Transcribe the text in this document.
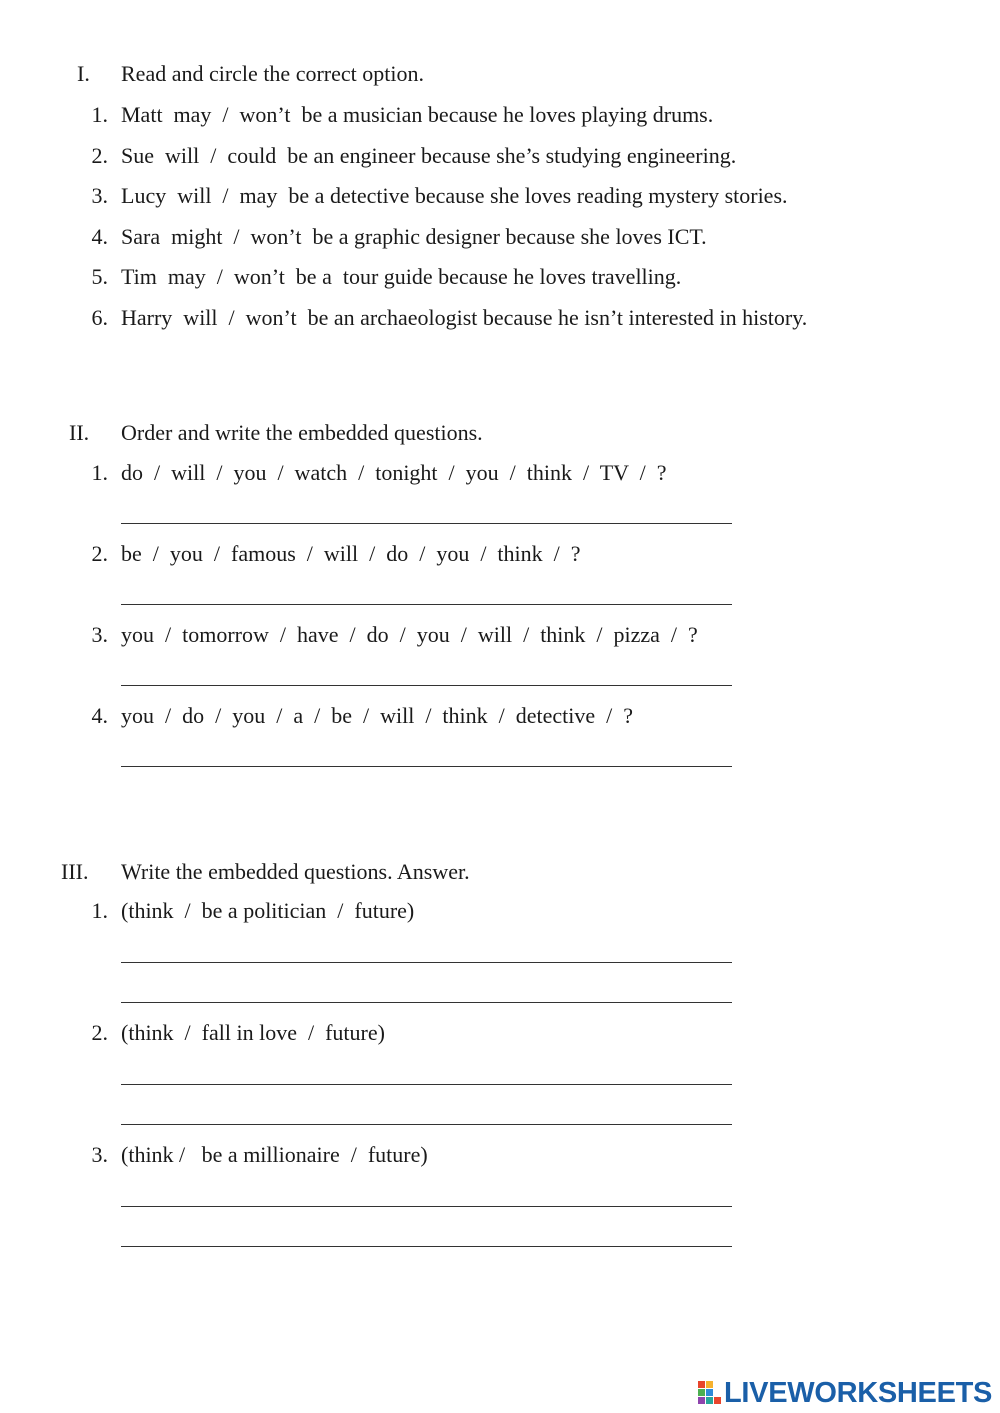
I. Read and circle the correct option.
1. Matt  may  /  won’t  be a musician because he loves playing drums.
2. Sue  will  /  could  be an engineer because she’s studying engineering.
3. Lucy  will  /  may  be a detective because she loves reading mystery stories.
4. Sara  might  /  won’t  be a graphic designer because she loves ICT.
5. Tim  may  /  won’t  be a  tour guide because he loves travelling.
6. Harry  will  /  won’t  be an archaeologist because he isn’t interested in history.
II. Order and write the embedded questions.
1. do  /  will  /  you  /  watch  /  tonight  /  you  /  think  /  TV  /  ?
2. be  /  you  /  famous  /  will  /  do  /  you  /  think  /  ?
3. you  /  tomorrow  /  have  /  do  /  you  /  will  /  think  /  pizza  /  ?
4. you  /  do  /  you  /  a  /  be  /  will  /  think  /  detective  /  ?
III. Write the embedded questions. Answer.
1. (think  /  be a politician  /  future)
2. (think  /  fall in love  /  future)
3. (think /   be a millionaire  /  future)
LIVEWORKSHEETS
